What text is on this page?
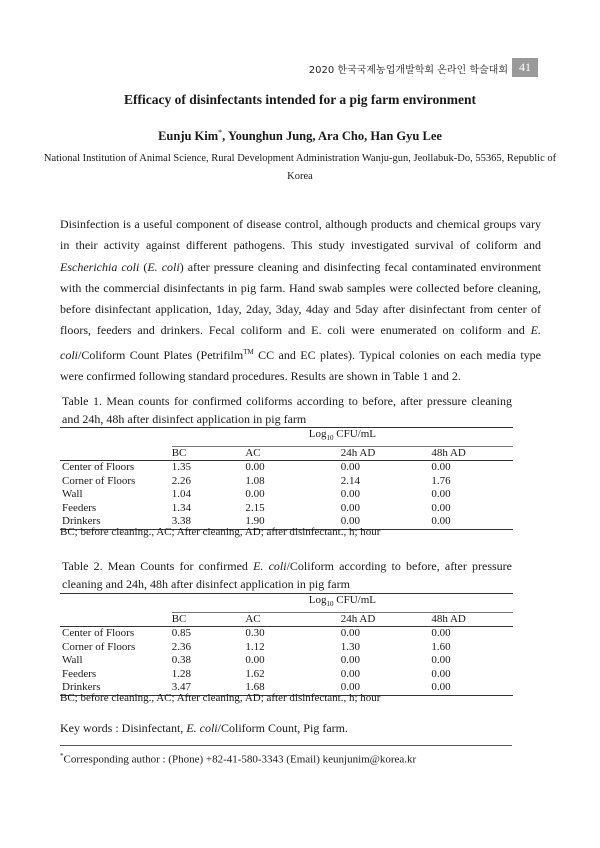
2020 한국국제농업개발학회 온라인 학술대회 41
Efficacy of disinfectants intended for a pig farm environment
Eunju Kim*, Younghun Jung, Ara Cho, Han Gyu Lee
National Institution of Animal Science, Rural Development Administration Wanju-gun, Jeollabuk-Do, 55365, Republic of Korea
Disinfection is a useful component of disease control, although products and chemical groups vary in their activity against different pathogens. This study investigated survival of coliform and Escherichia coli (E. coli) after pressure cleaning and disinfecting fecal contaminated environment with the commercial disinfectants in pig farm. Hand swab samples were collected before cleaning, before disinfectant application, 1day, 2day, 3day, 4day and 5day after disinfectant from center of floors, feeders and drinkers. Fecal coliform and E. coli were enumerated on coliform and E. coli/Coliform Count Plates (Petrifilm™ CC and EC plates). Typical colonies on each media type were confirmed following standard procedures. Results are shown in Table 1 and 2.
Table 1. Mean counts for confirmed coliforms according to before, after pressure cleaning and 24h, 48h after disinfect application in pig farm
	Log$_{10}$ CFU/mL			
	BC	AC	24h AD	48h AD
Center of Floors	1.35	0.00	0.00	0.00
Corner of Floors	2.26	1.08	2.14	1.76
Wall	1.04	0.00	0.00	0.00
Feeders	1.34	2.15	0.00	0.00
Drinkers	3.38	1.90	0.00	0.00
BC; before cleaning., AC; After cleaning, AD; after disinfectant., h; hour
Table 2. Mean Counts for confirmed E. coli/Coliform according to before, after pressure cleaning and 24h, 48h after disinfect application in pig farm
	Log$_{10}$ CFU/mL			
	BC	AC	24h AD	48h AD
Center of Floors	0.85	0.30	0.00	0.00
Corner of Floors	2.36	1.12	1.30	1.60
Wall	0.38	0.00	0.00	0.00
Feeders	1.28	1.62	0.00	0.00
Drinkers	3.47	1.68	0.00	0.00
BC; before cleaning., AC; After cleaning, AD; after disinfectant., h; hour
Key words : Disinfectant, E. coli/Coliform Count, Pig farm.
*Corresponding author : (Phone) +82-41-580-3343 (Email) keunjunim@korea.kr
